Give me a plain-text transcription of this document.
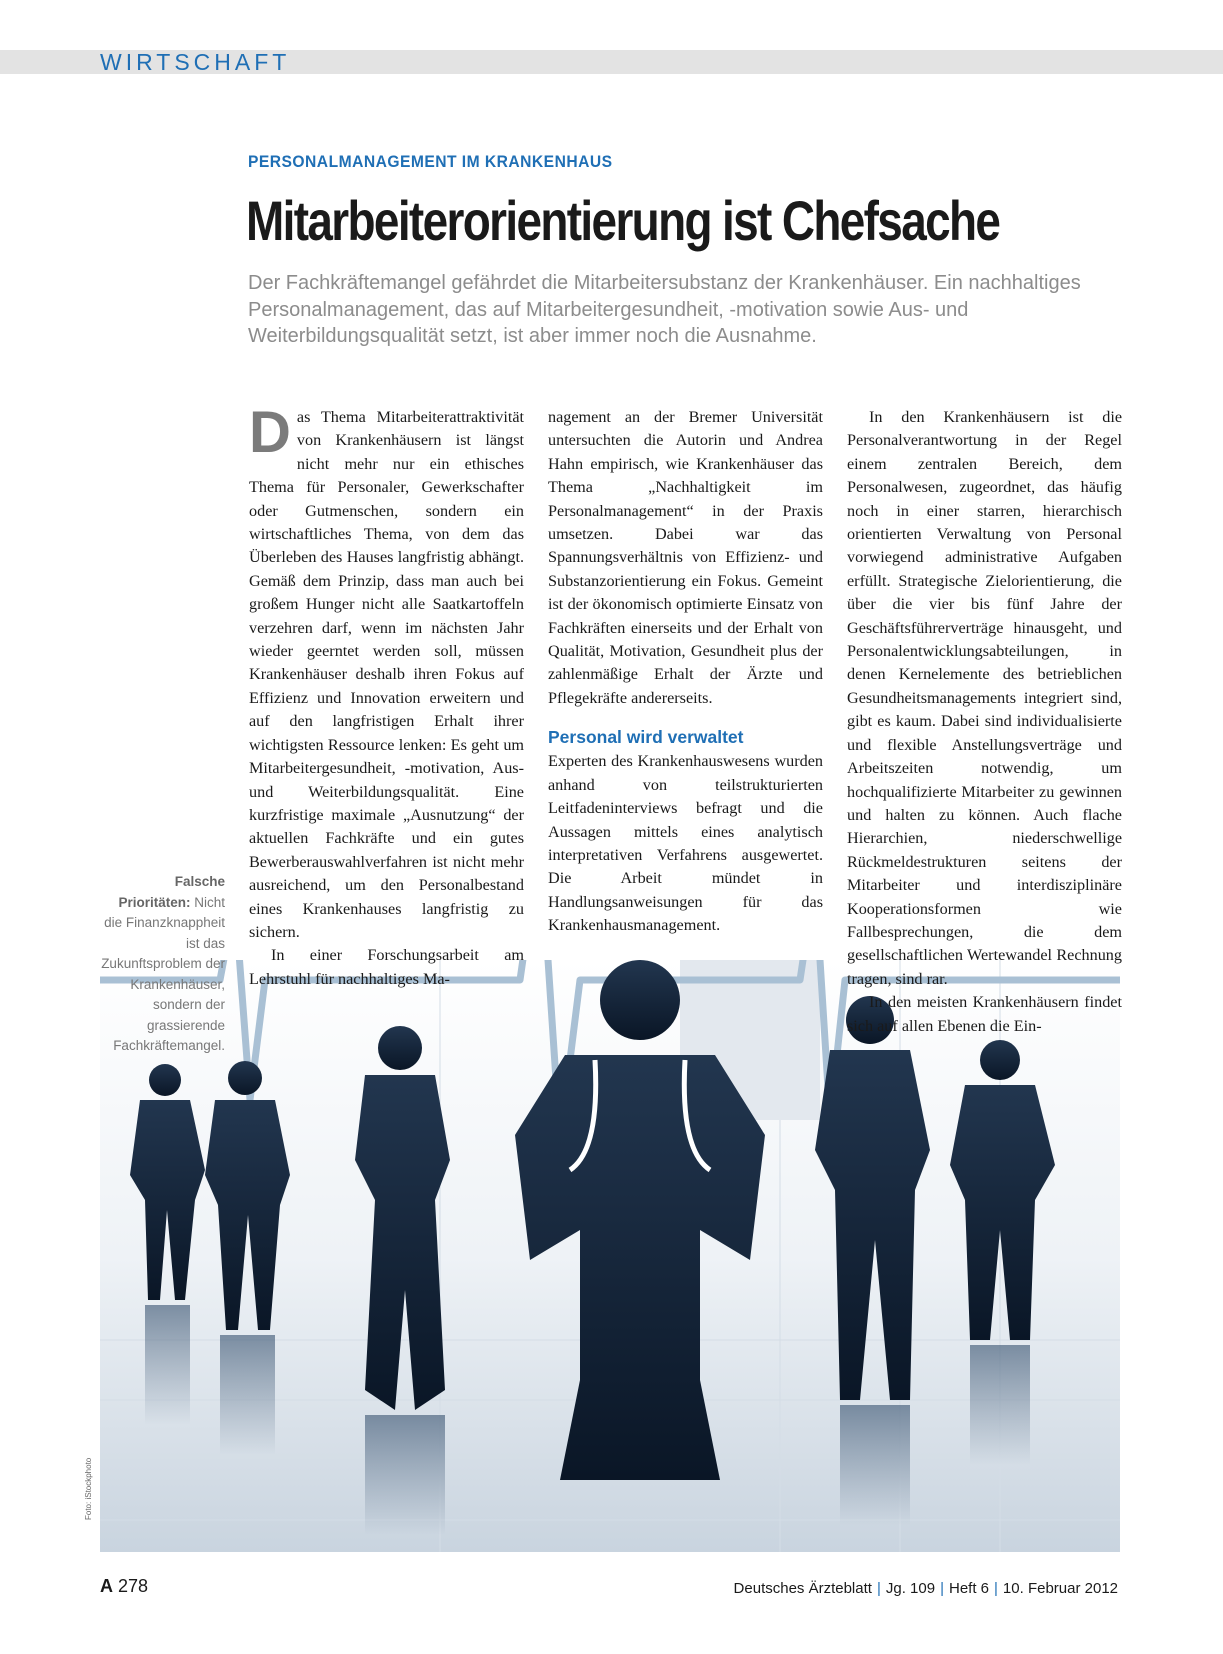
WIRTSCHAFT
PERSONALMANAGEMENT IM KRANKENHAUS
Mitarbeiterorientierung ist Chefsache

Der Fachkräftemangel gefährdet die Mitarbeitersubstanz der Krankenhäuser. Ein nachhaltiges Personalmanagement, das auf Mitarbeitergesundheit, -motivation sowie Aus- und Weiterbildungsqualität setzt, ist aber immer noch die Ausnahme.

D as Thema Mitarbeiterattraktivität von Krankenhäusern ist längst nicht mehr nur ein ethisches Thema für Personaler, Gewerkschafter oder Gutmenschen, sondern ein wirtschaftliches Thema, von dem das Überleben des Hauses langfristig abhängt. Gemäß dem Prinzip, dass man auch bei großem Hunger nicht alle Saatkartoffeln verzehren darf, wenn im nächsten Jahr wieder geerntet werden soll, müssen Krankenhäuser deshalb ihren Fokus auf Effizienz und Innovation erweitern und auf den langfristigen Erhalt ihrer wichtigsten Ressource lenken: Es geht um Mitarbeitergesundheit, -motivation, Aus- und Weiterbildungsqualität. Eine kurzfristige maximale „Ausnutzung“ der aktuellen Fachkräfte und ein gutes Bewerberauswahlverfahren ist nicht mehr ausreichend, um den Personalbestand eines Krankenhauses langfristig zu sichern.

In einer Forschungsarbeit am Lehrstuhl für nachhaltiges Ma-

nagement an der Bremer Universität untersuchten die Autorin und Andrea Hahn empirisch, wie Krankenhäuser das Thema „Nachhaltigkeit im Personalmanagement“ in der Praxis umsetzen. Dabei war das Spannungsverhältnis von Effizienz- und Substanzorientierung ein Fokus. Gemeint ist der ökonomisch optimierte Einsatz von Fachkräften einerseits und der Erhalt von Qualität, Motivation, Gesundheit plus der zahlenmäßige Erhalt der Ärzte und Pflegekräfte andererseits.

Personal wird verwaltet

Experten des Krankenhauswesens wurden anhand von teilstrukturierten Leitfadeninterviews befragt und die Aussagen mittels eines analytisch interpretativen Verfahrens ausgewertet. Die Arbeit mündet in Handlungsanweisungen für das Krankenhausmanagement.

In den Krankenhäusern ist die Personalverantwortung in der Regel einem zentralen Bereich, dem Personalwesen, zugeordnet, das häufig noch in einer starren, hierarchisch orientierten Verwaltung von Personal vorwiegend administrative Aufgaben erfüllt. Strategische Zielorientierung, die über die vier bis fünf Jahre der Geschäftsführerverträge hinausgeht, und Personalentwicklungsabteilungen, in denen Kernelemente des betrieblichen Gesundheitsmanagements integriert sind, gibt es kaum. Dabei sind individualisierte und flexible Anstellungsverträge und Arbeitszeiten notwendig, um hochqualifizierte Mitarbeiter zu gewinnen und halten zu können. Auch flache Hierarchien, niederschwellige Rückmeldestrukturen seitens der Mitarbeiter und interdisziplinäre Kooperationsformen wie Fallbesprechungen, die dem gesellschaftlichen Wertewandel Rechnung tragen, sind rar.

In den meisten Krankenhäusern findet sich auf allen Ebenen die Ein-

Falsche Prioritäten: Nicht die Finanzknappheit ist das Zukunftsproblem der Krankenhäuser, sondern der grassierende Fachkräftemangel.
Foto: iStockphoto
A 278	Deutsches Ärzteblatt | Jg. 109 | Heft 6 | 10. Februar 2012
